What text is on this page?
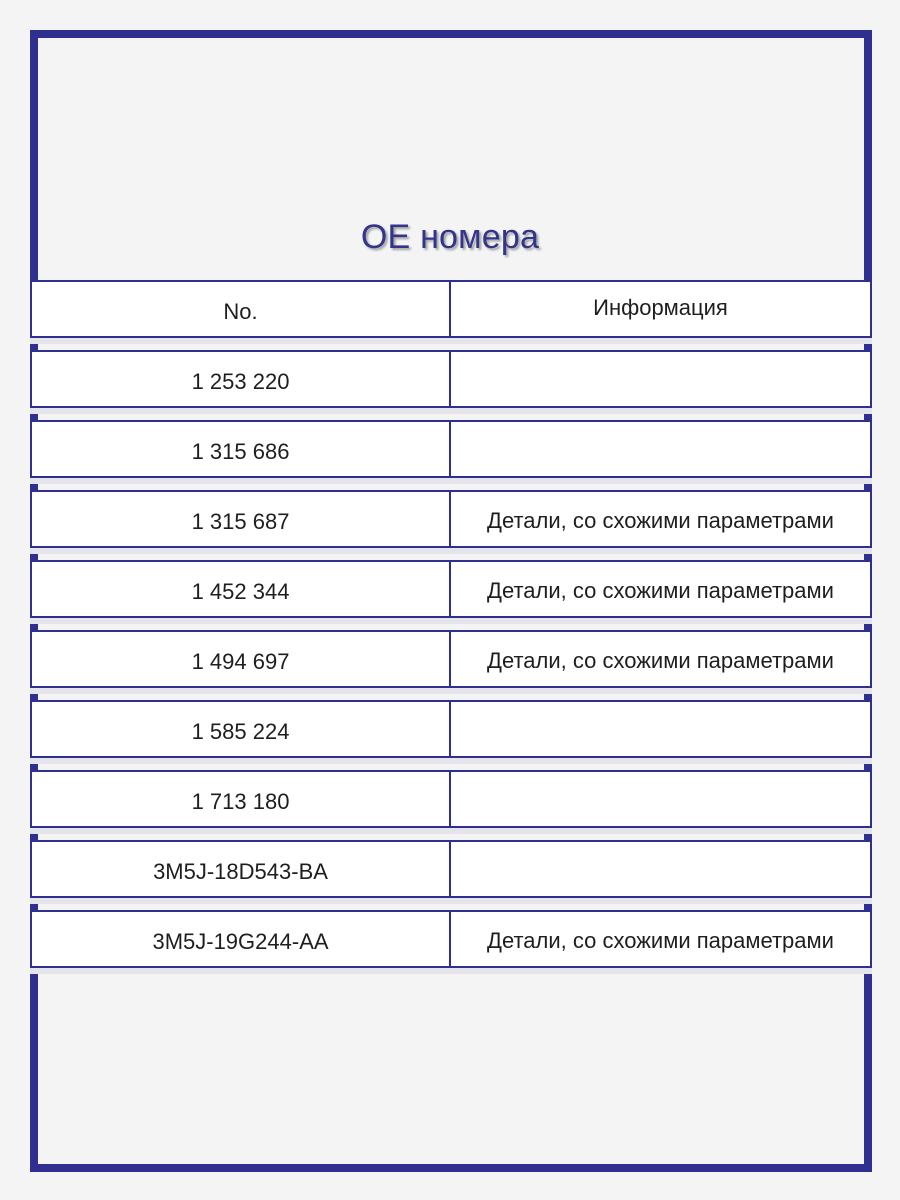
OE номера
No.	Информация
1 253 220
1 315 686
1 315 687	Детали, со схожими параметрами
1 452 344	Детали, со схожими параметрами
1 494 697	Детали, со схожими параметрами
1 585 224
1 713 180
3M5J-18D543-BA
3M5J-19G244-AA	Детали, со схожими параметрами
